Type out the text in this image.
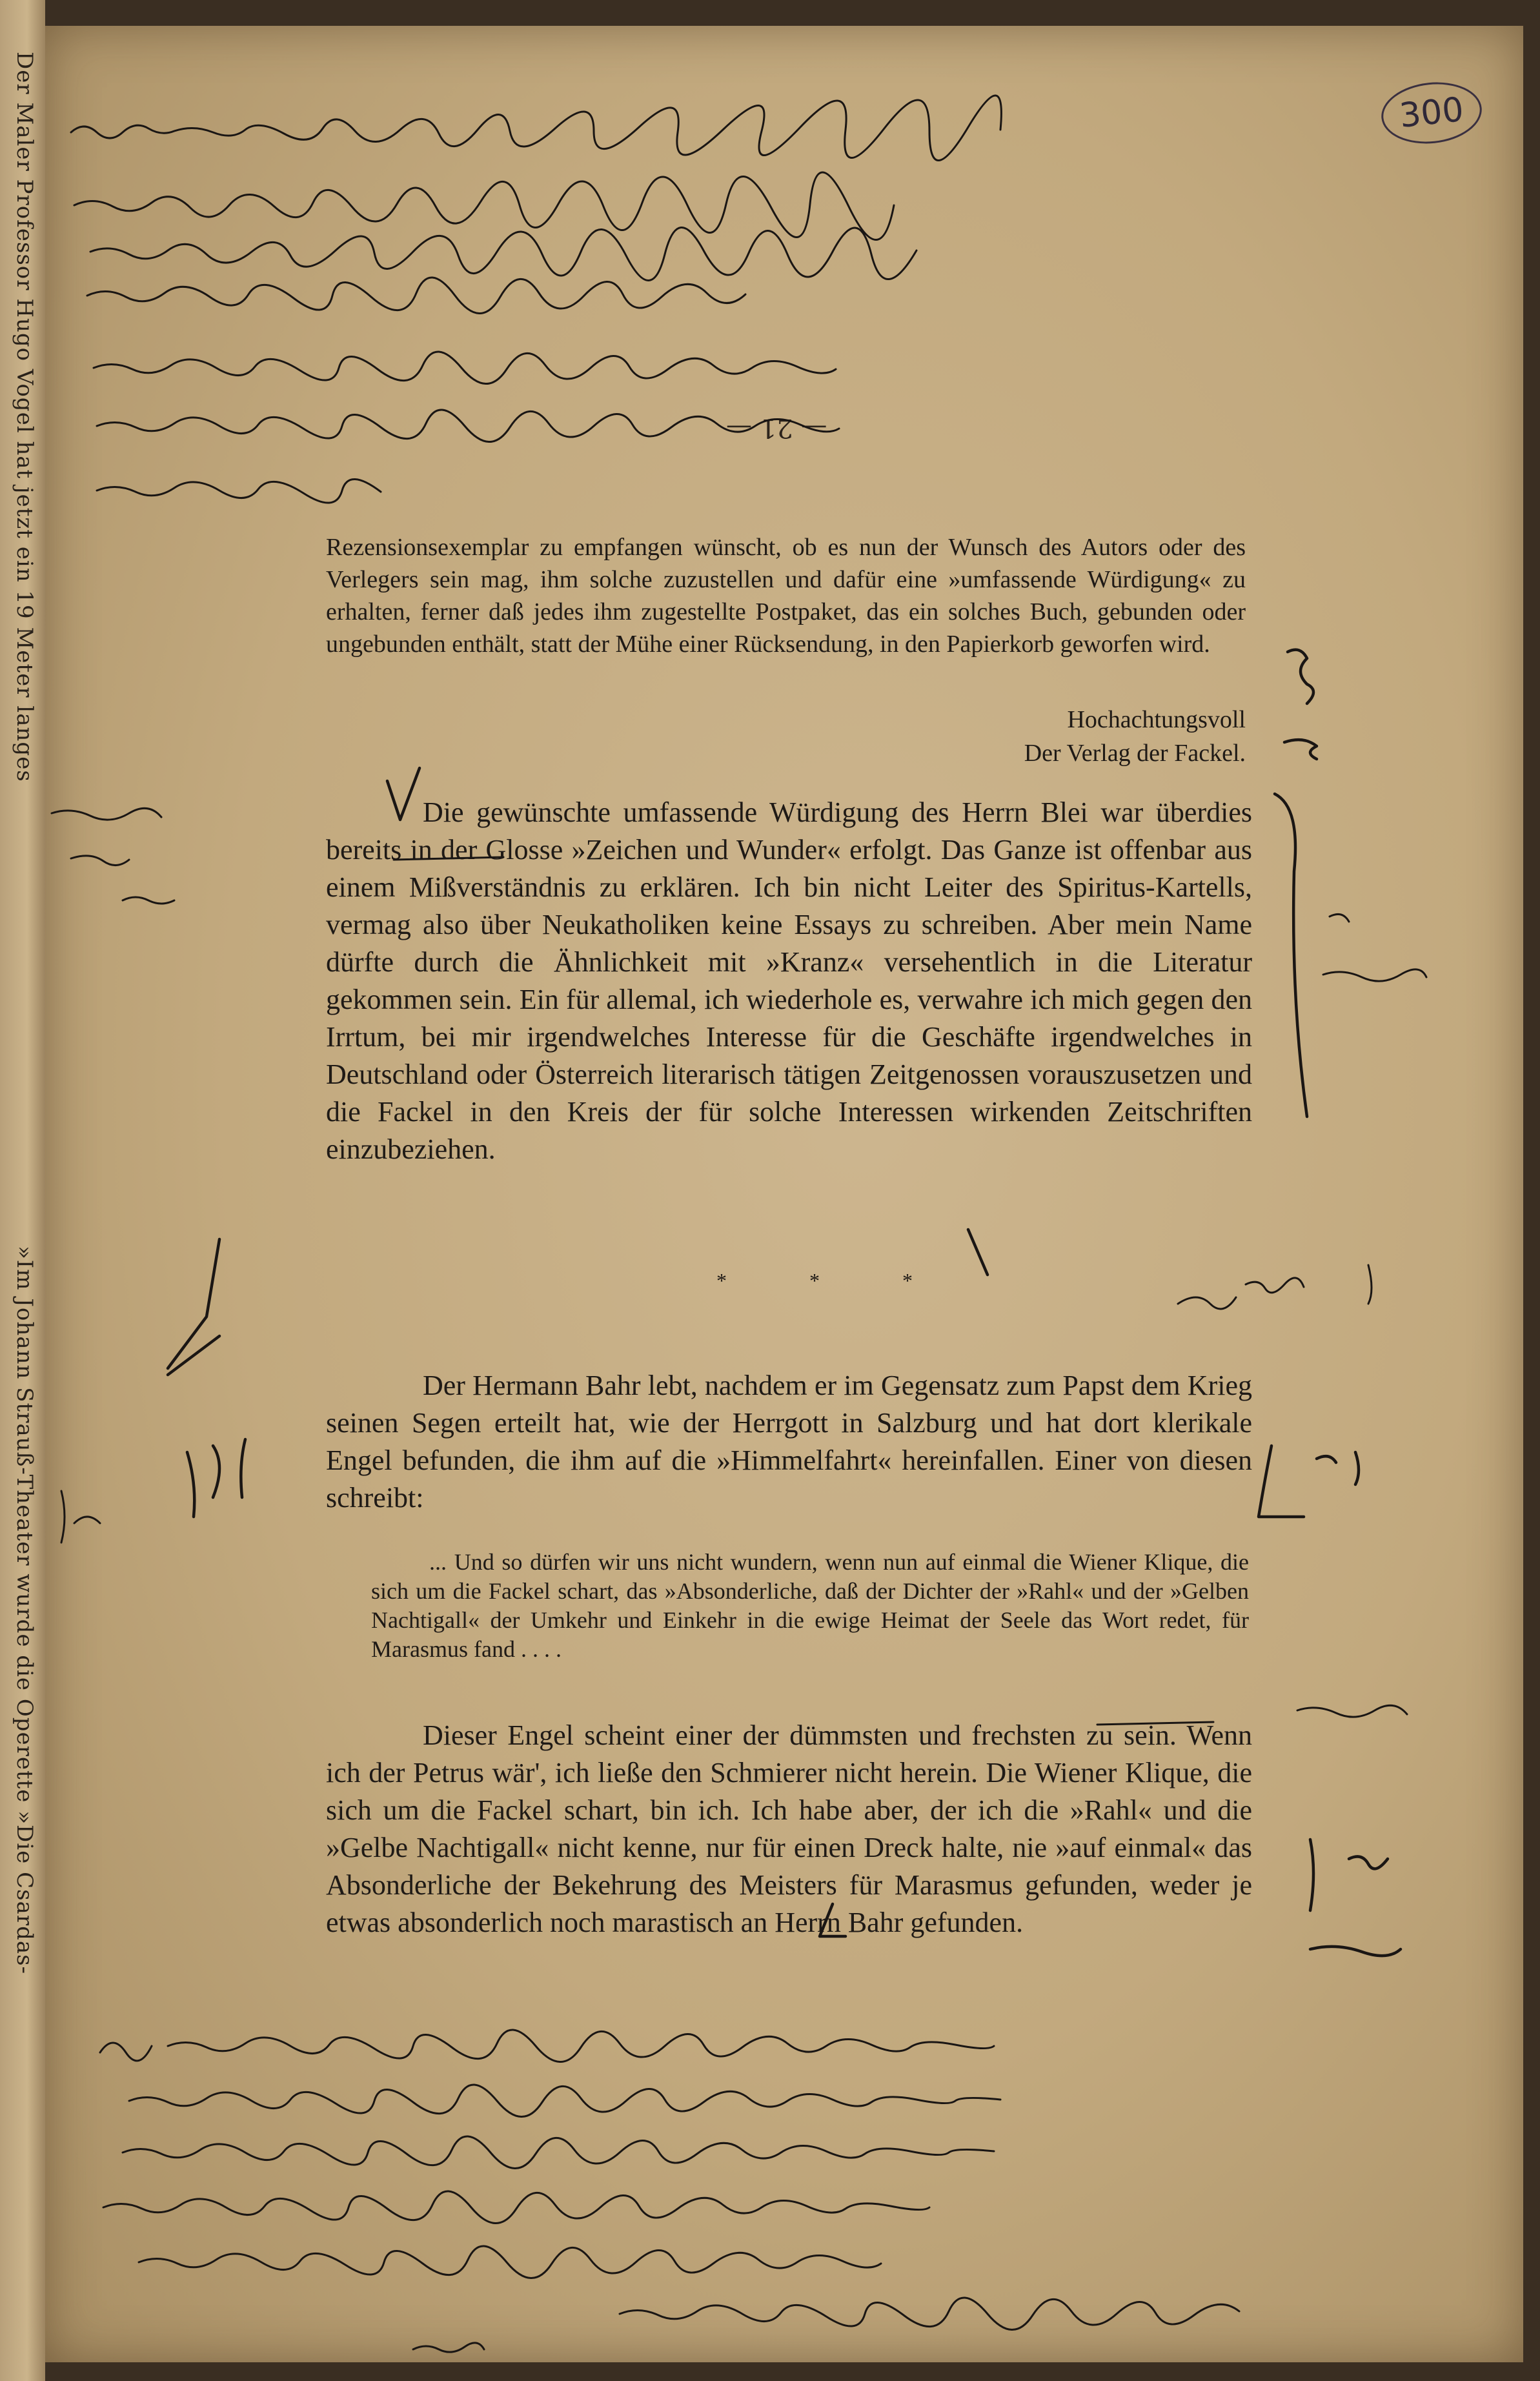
Der Maler Professor Hugo Vogel hat jetzt ein 19 Meter langes
»Im Johann Strauß-Theater wurde die Operette »Die Csardas-
300
— 21 —

Rezensionsexemplar zu empfangen wünscht, ob es nun der Wunsch des Autors oder des Verlegers sein mag, ihm solche zuzustellen und dafür eine »umfassende Würdigung« zu erhalten, ferner daß jedes ihm zugestellte Postpaket, das ein solches Buch, gebunden oder ungebunden enthält, statt der Mühe einer Rücksendung, in den Papierkorb geworfen wird.

Hochachtungsvoll

Der Verlag der Fackel.

Die gewünschte umfassende Würdigung des Herrn Blei war überdies bereits in der Glosse »Zeichen und Wunder« erfolgt. Das Ganze ist offenbar aus einem Mißverständnis zu erklären. Ich bin nicht Leiter des Spiritus-Kartells, vermag also über Neukatholiken keine Essays zu schreiben. Aber mein Name dürfte durch die Ähnlichkeit mit »Kranz« versehentlich in die Literatur gekommen sein. Ein für allemal, ich wiederhole es, verwahre ich mich gegen den Irrtum, bei mir irgendwelches Interesse für die Geschäfte irgendwelches in Deutschland oder Österreich literarisch tätigen Zeitgenossen vorauszusetzen und die Fackel in den Kreis der für solche Interessen wirkenden Zeitschriften einzubeziehen.

* * *

Der Hermann Bahr lebt, nachdem er im Gegensatz zum Papst dem Krieg seinen Segen erteilt hat, wie der Herrgott in Salzburg und hat dort klerikale Engel befunden, die ihm auf die »Himmelfahrt« hereinfallen. Einer von diesen schreibt:

... Und so dürfen wir uns nicht wundern, wenn nun auf einmal die Wiener Klique, die sich um die Fackel schart, das »Absonderliche, daß der Dichter der »Rahl« und der »Gelben Nachtigall« der Umkehr und Einkehr in die ewige Heimat der Seele das Wort redet, für Marasmus fand . . . .

Dieser Engel scheint einer der dümmsten und frechsten zu sein. Wenn ich der Petrus wär', ich ließe den Schmierer nicht herein. Die Wiener Klique, die sich um die Fackel schart, bin ich. Ich habe aber, der ich die »Rahl« und die »Gelbe Nachtigall« nicht kenne, nur für einen Dreck halte, nie »auf einmal« das Absonderliche der Bekehrung des Meisters für Marasmus gefunden, weder je etwas absonderlich noch marastisch an Herrn Bahr gefunden.
